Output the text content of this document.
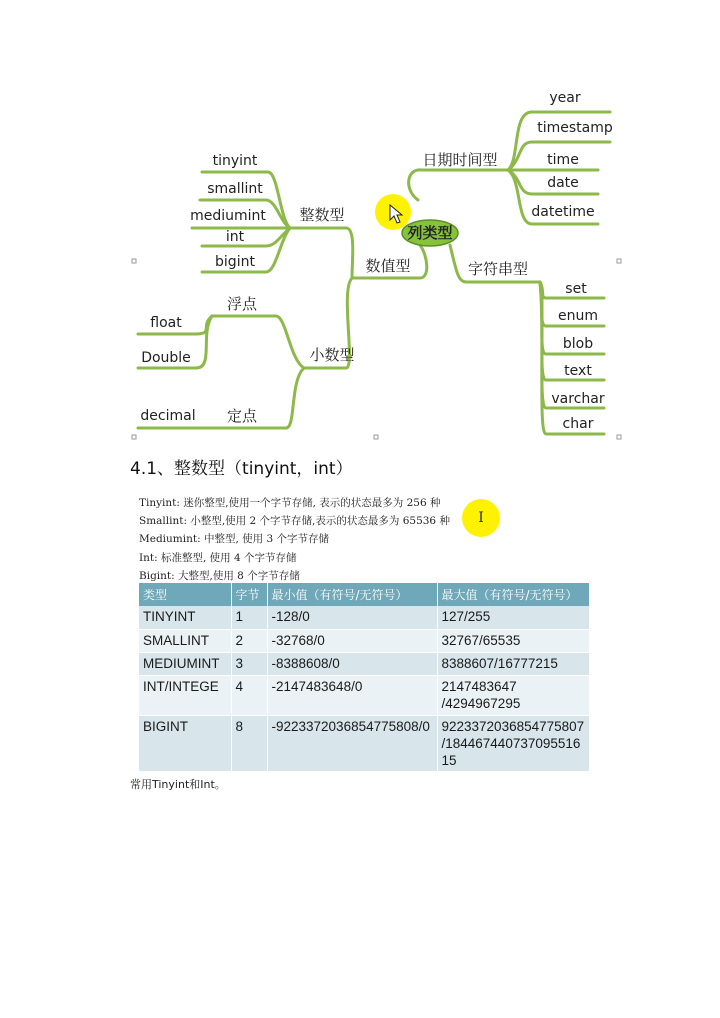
列类型
日期时间型
year
timestamp
time
date
datetime
字符串型
set
enum
blob
text
varchar
char
数值型
整数型
tinyint
smallint
mediumint
int
bigint
小数型
浮点
float
Double
定点
decimal
4.1、整数型（tinyint，int）
Tinyint: 迷你整型,使用一个字节存储, 表示的状态最多为 256 种
Smallint: 小整型,使用 2 个字节存储,表示的状态最多为 65536 种
Mediumint: 中整型, 使用 3 个字节存储
Int: 标准整型, 使用 4 个字节存储
Bigint: 大整型,使用 8 个字节存储
I
类型	字节	最小值（有符号/无符号）	最大值（有符号/无符号）
TINYINT	1	-128/0	127/255
SMALLINT	2	-32768/0	32767/65535
MEDIUMINT	3	-8388608/0	8388607/16777215
INT/INTEGE	4	-2147483648/0	2147483647
/4294967295
BIGINT	8	-9223372036854775808/0	9223372036854775807
/184467440737095516
15
常用Tinyint和Int。
